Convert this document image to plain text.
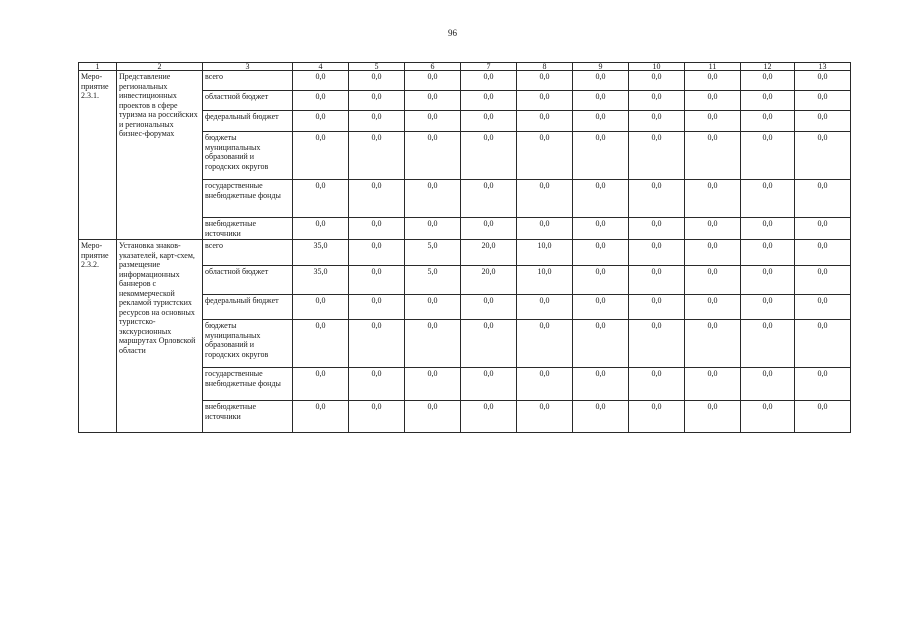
96
1	2	3	4	5	6	7	8	9	10	11	12	13
Меро-
приятие
2.3.1.	Представление региональных инвестиционных проектов в сфере туризма на российских и региональных бизнес-форумах	всего	0,0	0,0	0,0	0,0	0,0	0,0	0,0	0,0	0,0	0,0
		областной бюджет	0,0	0,0	0,0	0,0	0,0	0,0	0,0	0,0	0,0	0,0
		федеральный бюджет	0,0	0,0	0,0	0,0	0,0	0,0	0,0	0,0	0,0	0,0
		бюджеты муниципальных образований и городских округов	0,0	0,0	0,0	0,0	0,0	0,0	0,0	0,0	0,0	0,0
		государственные внебюджетные фонды	0,0	0,0	0,0	0,0	0,0	0,0	0,0	0,0	0,0	0,0
		внебюджетные источники	0,0	0,0	0,0	0,0	0,0	0,0	0,0	0,0	0,0	0,0
Меро-
приятие
2.3.2.	Установка знаков-указателей, карт-схем, размещение информационных баннеров с некоммерческой рекламой туристских ресурсов на основных туристско-экскурсионных маршрутах Орловской области	всего	35,0	0,0	5,0	20,0	10,0	0,0	0,0	0,0	0,0	0,0
		областной бюджет	35,0	0,0	5,0	20,0	10,0	0,0	0,0	0,0	0,0	0,0
		федеральный бюджет	0,0	0,0	0,0	0,0	0,0	0,0	0,0	0,0	0,0	0,0
		бюджеты муниципальных образований и городских округов	0,0	0,0	0,0	0,0	0,0	0,0	0,0	0,0	0,0	0,0
		государственные внебюджетные фонды	0,0	0,0	0,0	0,0	0,0	0,0	0,0	0,0	0,0	0,0
		внебюджетные источники	0,0	0,0	0,0	0,0	0,0	0,0	0,0	0,0	0,0	0,0
